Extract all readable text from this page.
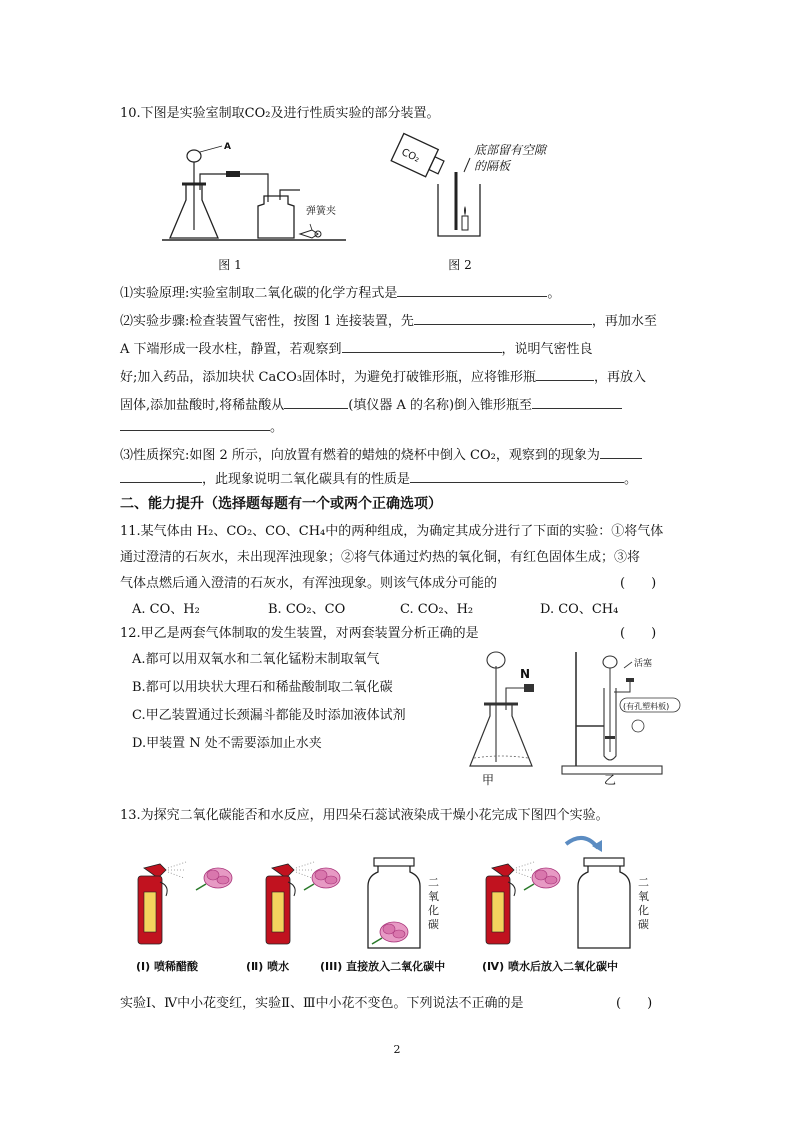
10.下图是实验室制取CO₂及进行性质实验的部分装置。
A
弹簧夹
图 1
CO₂	底部留有空隙
的隔板
图 2
⑴实验原理:实验室制取二氧化碳的化学方程式是	。
⑵实验步骤:检查装置气密性，按图 1 连接装置，先	，再加水至
A 下端形成一段水柱，静置，若观察到	，说明气密性良
好;加入药品，添加块状 CaCO₃固体时，为避免打破锥形瓶，应将锥形瓶	，再放入
固体,添加盐酸时,将稀盐酸从	(填仪器 A 的名称)倒入锥形瓶至
。
⑶性质探究:如图 2 所示，向放置有燃着的蜡烛的烧杯中倒入 CO₂，观察到的现象为
，此现象说明二氧化碳具有的性质是	。
二、能力提升（选择题每题有一个或两个正确选项）
11.某气体由 H₂、CO₂、CO、CH₄中的两种组成，为确定其成分进行了下面的实验：①将气体
通过澄清的石灰水，未出现浑浊现象；②将气体通过灼热的氧化铜，有红色固体生成；③将
气体点燃后通入澄清的石灰水，有浑浊现象。则该气体成分可能的	(　　)
A. CO、H₂	B. CO₂、CO	C. CO₂、H₂	D. CO、CH₄
12.甲乙是两套气体制取的发生装置，对两套装置分析正确的是	(　　)
A.都可以用双氧水和二氧化锰粉末制取氧气
B.都可以用块状大理石和稀盐酸制取二氧化碳
C.甲乙装置通过长颈漏斗都能及时添加液体试剂
D.甲装置 N 处不需要添加止水夹
N
甲
活塞
(有孔塑料板)
乙
13.为探究二氧化碳能否和水反应，用四朵石蕊试液染成干燥小花完成下图四个实验。
二
氧
化
碳
二
氧
化
碳
(Ⅰ) 喷稀醋酸	(Ⅱ) 喷水	(III) 直接放入二氧化碳中	(Ⅳ) 喷水后放入二氧化碳中
实验Ⅰ、Ⅳ中小花变红，实验Ⅱ、Ⅲ中小花不变色。下列说法不正确的是	(　　)
2
